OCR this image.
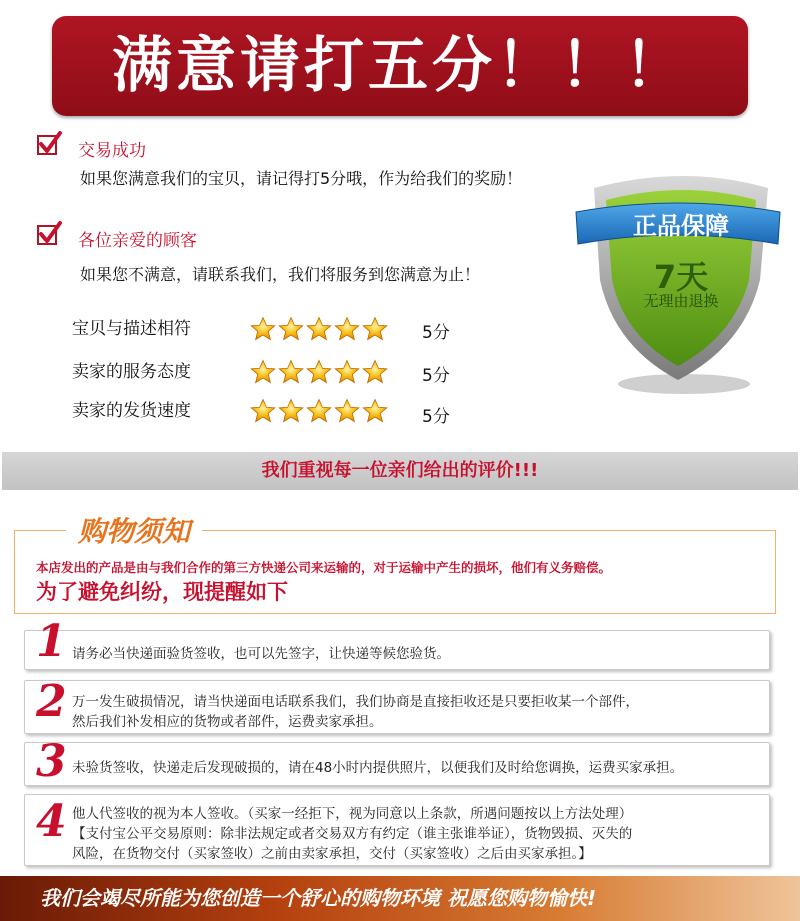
满意请打五分！！！
交易成功
如果您满意我们的宝贝，请记得打5分哦，作为给我们的奖励！
各位亲爱的顾客
如果您不满意，请联系我们，我们将服务到您满意为止！
宝贝与描述相符	5分
卖家的服务态度	5分
卖家的发货速度	5分
正品保障
7天
无理由退换
我们重视每一位亲们给出的评价!!!
购物须知
本店发出的产品是由与我们合作的第三方快递公司来运输的，对于运输中产生的损坏，他们有义务赔偿。
为了避免纠纷，现提醒如下
1 请务必当快递面验货签收，也可以先签字，让快递等候您验货。
2 万一发生破损情况，请当快递面电话联系我们，我们协商是直接拒收还是只要拒收某一个部件，
然后我们补发相应的货物或者部件，运费卖家承担。
3 未验货签收，快递走后发现破损的，请在48小时内提供照片，以便我们及时给您调换，运费买家承担。
4 他人代签收的视为本人签收。（买家一经拒下，视为同意以上条款，所遇问题按以上方法处理）
【支付宝公平交易原则：除非法规定或者交易双方有约定（谁主张谁举证），货物毁损、灭失的
风险，在货物交付（买家签收）之前由卖家承担，交付（买家签收）之后由买家承担。】
我们会竭尽所能为您创造一个舒心的购物环境 祝愿您购物愉快!
